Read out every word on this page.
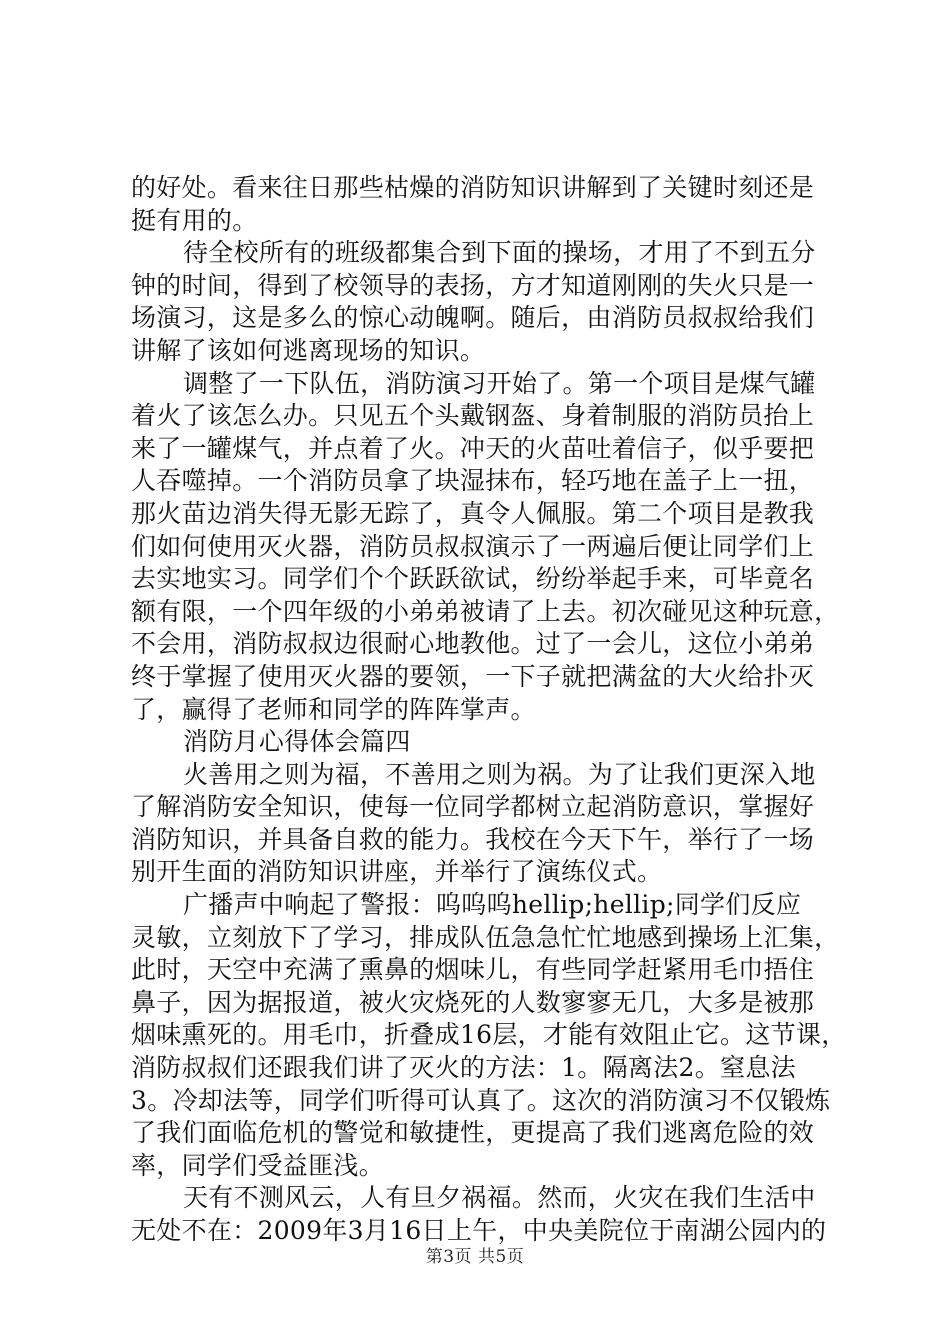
的好处。看来往日那些枯燥的消防知识讲解到了关键时刻还是
挺有用的。
待全校所有的班级都集合到下面的操场，才用了不到五分
钟的时间，得到了校领导的表扬，方才知道刚刚的失火只是一
场演习，这是多么的惊心动魄啊。随后，由消防员叔叔给我们
讲解了该如何逃离现场的知识。
调整了一下队伍，消防演习开始了。第一个项目是煤气罐
着火了该怎么办。只见五个头戴钢盔、身着制服的消防员抬上
来了一罐煤气，并点着了火。冲天的火苗吐着信子，似乎要把
人吞噬掉。一个消防员拿了块湿抹布，轻巧地在盖子上一扭，
那火苗边消失得无影无踪了，真令人佩服。第二个项目是教我
们如何使用灭火器，消防员叔叔演示了一两遍后便让同学们上
去实地实习。同学们个个跃跃欲试，纷纷举起手来，可毕竟名
额有限，一个四年级的小弟弟被请了上去。初次碰见这种玩意，
不会用，消防叔叔边很耐心地教他。过了一会儿，这位小弟弟
终于掌握了使用灭火器的要领，一下子就把满盆的大火给扑灭
了，赢得了老师和同学的阵阵掌声。
消防月心得体会篇四
火善用之则为福，不善用之则为祸。为了让我们更深入地
了解消防安全知识，使每一位同学都树立起消防意识，掌握好
消防知识，并具备自救的能力。我校在今天下午，举行了一场
别开生面的消防知识讲座，并举行了演练仪式。
广播声中响起了警报：呜呜呜hellip;hellip;同学们反应
灵敏，立刻放下了学习，排成队伍急急忙忙地感到操场上汇集，
此时，天空中充满了熏鼻的烟味儿，有些同学赶紧用毛巾捂住
鼻子，因为据报道，被火灾烧死的人数寥寥无几，大多是被那
烟味熏死的。用毛巾，折叠成16层，才能有效阻止它。这节课，
消防叔叔们还跟我们讲了灭火的方法：1。隔离法2。窒息法
3。冷却法等，同学们听得可认真了。这次的消防演习不仅锻炼
了我们面临危机的警觉和敏捷性，更提高了我们逃离危险的效
率，同学们受益匪浅。
天有不测风云，人有旦夕祸福。然而，火灾在我们生活中
无处不在：2009年3月16日上午，中央美院位于南湖公园内的
第3页 共5页
